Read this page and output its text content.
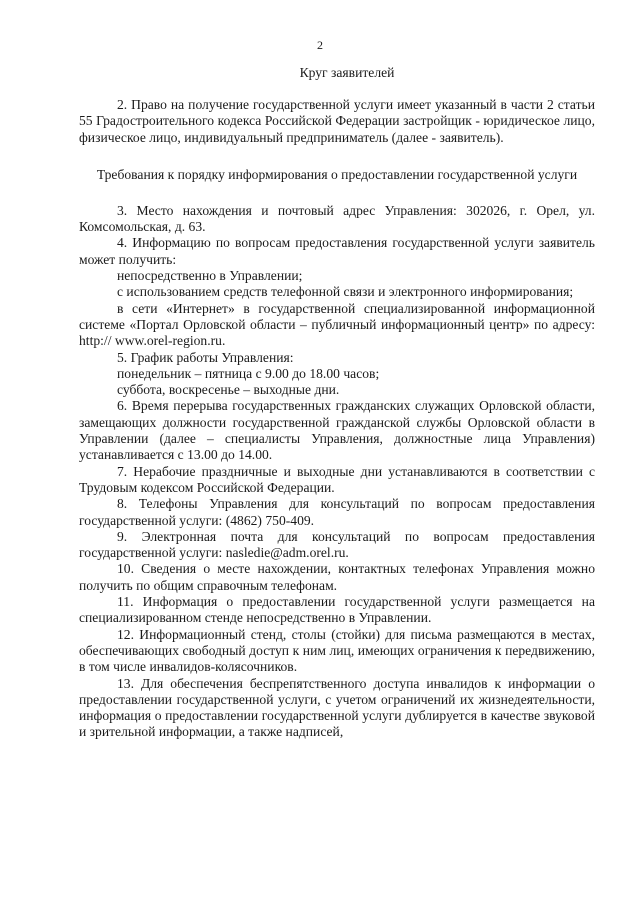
2

Круг заявителей

2. Право на получение государственной услуги имеет указанный в части 2 статьи 55 Градостроительного кодекса Российской Федерации застройщик - юридическое лицо, физическое лицо, индивидуальный предприниматель (далее - заявитель).

Требования к порядку информирования о предоставлении государственной услуги

3. Место нахождения и почтовый адрес Управления: 302026, г. Орел, ул. Комсомольская, д. 63.

4. Информацию по вопросам предоставления государственной услуги заявитель может получить:

непосредственно в Управлении;

с использованием средств телефонной связи и электронного информирования;

в сети «Интернет» в государственной специализированной информационной системе «Портал Орловской области – публичный информационный центр» по адресу: http:// www.orel-region.ru.

5. График работы Управления:

понедельник – пятница с 9.00 до 18.00 часов;

суббота, воскресенье – выходные дни.

6. Время перерыва государственных гражданских служащих Орловской области, замещающих должности государственной гражданской службы Орловской области в Управлении (далее – специалисты Управления, должностные лица Управления) устанавливается с 13.00 до 14.00.

7. Нерабочие праздничные и выходные дни устанавливаются в соответствии с Трудовым кодексом Российской Федерации.

8. Телефоны Управления для консультаций по вопросам предоставления государственной услуги: (4862) 750-409.

9. Электронная почта для консультаций по вопросам предоставления государственной услуги: nasledie@adm.orel.ru.

10. Сведения о месте нахождении, контактных телефонах Управления можно получить по общим справочным телефонам.

11. Информация о предоставлении государственной услуги размещается на специализированном стенде непосредственно в Управлении.

12. Информационный стенд, столы (стойки) для письма размещаются в местах, обеспечивающих свободный доступ к ним лиц, имеющих ограничения к передвижению, в том числе инвалидов-колясочников.

13. Для обеспечения беспрепятственного доступа инвалидов к информации о предоставлении государственной услуги, с учетом ограничений их жизнедеятельности, информация о предоставлении государственной услуги дублируется в качестве звуковой и зрительной информации, а также надписей,
